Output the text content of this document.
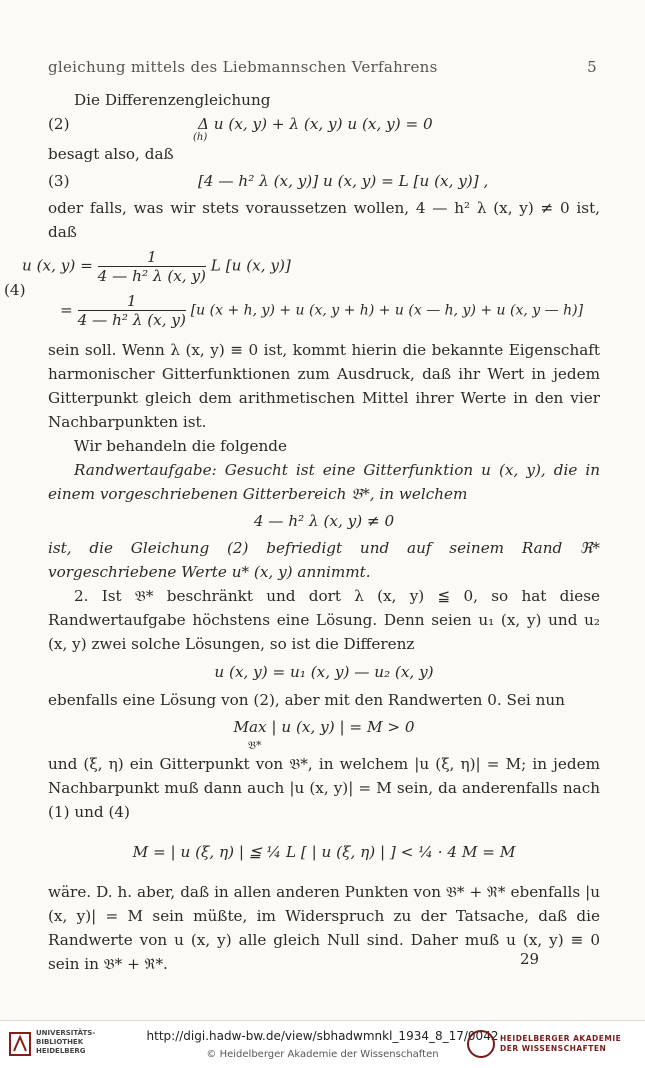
gleichung mittels des Liebmannschen Verfahrens	5

Die Differenzengleichung

(2)	Δ u (x, y) + λ (x, y) u (x, y) = 0
(h)

besagt also, daß

(3)	[4 — h² λ (x, y)] u (x, y) = L [u (x, y)] ,

oder falls, was wir stets voraussetzen wollen, 4 — h² λ (x, y) ≠ 0 ist, daß

(4)
u (x, $y) = \frac{1}{\text{4 — h² λ (x, y)}}$ L [u (x, y)]
= $\frac{1}{\text{4 — h² λ (x, y)}} [u$ (x + h, y) + u (x, y + h) + u (x — h, y) + u (x, y — h)]

sein soll. Wenn λ (x, y) ≡ 0 ist, kommt hierin die bekannte Eigenschaft harmonischer Gitterfunktionen zum Ausdruck, daß ihr Wert in jedem Gitterpunkt gleich dem arithmetischen Mittel ihrer Werte in den vier Nachbarpunkten ist.

Wir behandeln die folgende

Randwertaufgabe: Gesucht ist eine Gitterfunktion u (x, y), die in einem vorgeschriebenen Gitterbereich 𝔅*, in welchem

4 — h² λ (x, y) ≠ 0

ist, die Gleichung (2) befriedigt und auf seinem Rand ℜ* vorgeschriebene Werte u* (x, y) annimmt.

2. Ist 𝔅* beschränkt und dort λ (x, y) ≦ 0, so hat diese Randwertaufgabe höchstens eine Lösung. Denn seien u₁ (x, y) und u₂ (x, y) zwei solche Lösungen, so ist die Differenz

u (x, y) = u₁ (x, y) — u₂ (x, y)

ebenfalls eine Lösung von (2), aber mit den Randwerten 0. Sei nun

Max | u (x, y) | = M > 0
𝔅*

und (ξ, η) ein Gitterpunkt von 𝔅*, in welchem |u (ξ, η)| = M; in jedem Nachbarpunkt muß dann auch |u (x, y)| = M sein, da anderenfalls nach (1) und (4)

M = | u (ξ, η) | ≦ ¼ L [ | u (ξ, η) | ] < ¼ · 4 M = M

wäre. D. h. aber, daß in allen anderen Punkten von 𝔅* + ℜ* ebenfalls |u (x, y)| = M sein müßte, im Widerspruch zu der Tatsache, daß die Randwerte von u (x, y) alle gleich Null sind. Daher muß u (x, y) ≡ 0 sein in 𝔅* + ℜ*.	29
UNIVERSITÄTS- BIBLIOTHEK HEIDELBERG
http://digi.hadw-bw.de/view/sbhadwmnkl_1934_8_17/0042
© Heidelberger Akademie der Wissenschaften
HEIDELBERGER AKADEMIE DER WISSENSCHAFTEN
